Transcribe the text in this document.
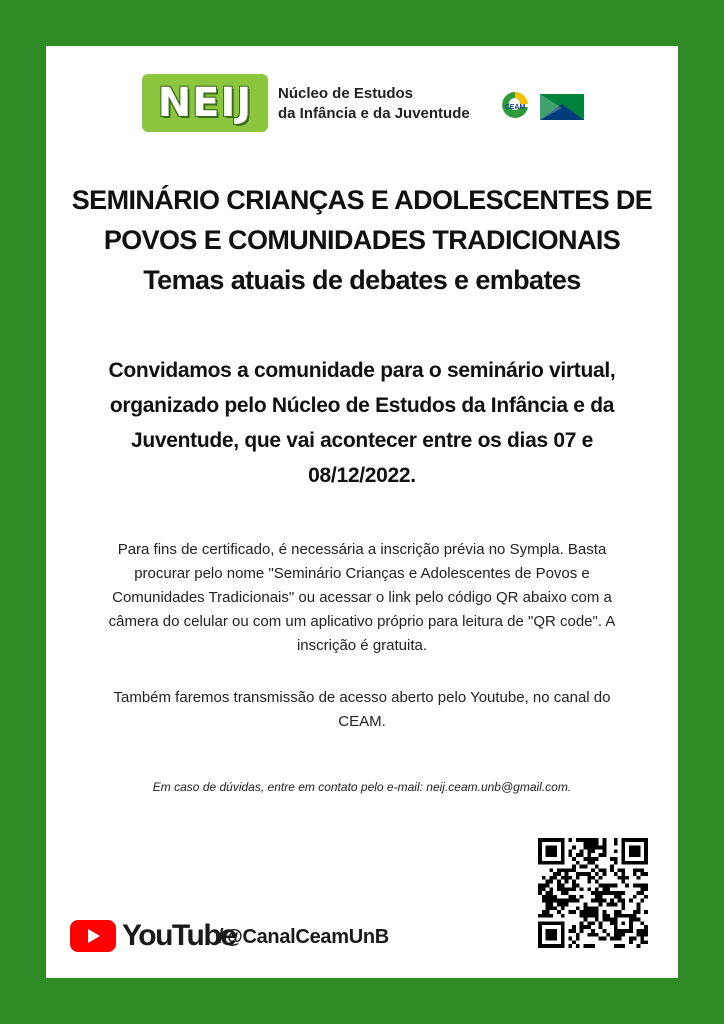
NEIJ Núcleo de Estudos
da Infância e da Juventude	CEAM
SEMINÁRIO CRIANÇAS E ADOLESCENTES DE
POVOS E COMUNIDADES TRADICIONAIS
Temas atuais de debates e embates
Convidamos a comunidade para o seminário virtual,
organizado pelo Núcleo de Estudos da Infância e da
Juventude, que vai acontecer entre os dias 07 e
08/12/2022.
Para fins de certificado, é necessária a inscrição prévia no Sympla. Basta
procurar pelo nome "Seminário Crianças e Adolescentes de Povos e
Comunidades Tradicionais" ou acessar o link pelo código QR abaixo com a
câmera do celular ou com um aplicativo próprio para leitura de "QR code". A
inscrição é gratuita.
Também faremos transmissão de acesso aberto pelo Youtube, no canal do
CEAM.
Em caso de dúvidas, entre em contato pelo e-mail: neij.ceam.unb@gmail.com.
YouTube
/@CanalCeamUnB
